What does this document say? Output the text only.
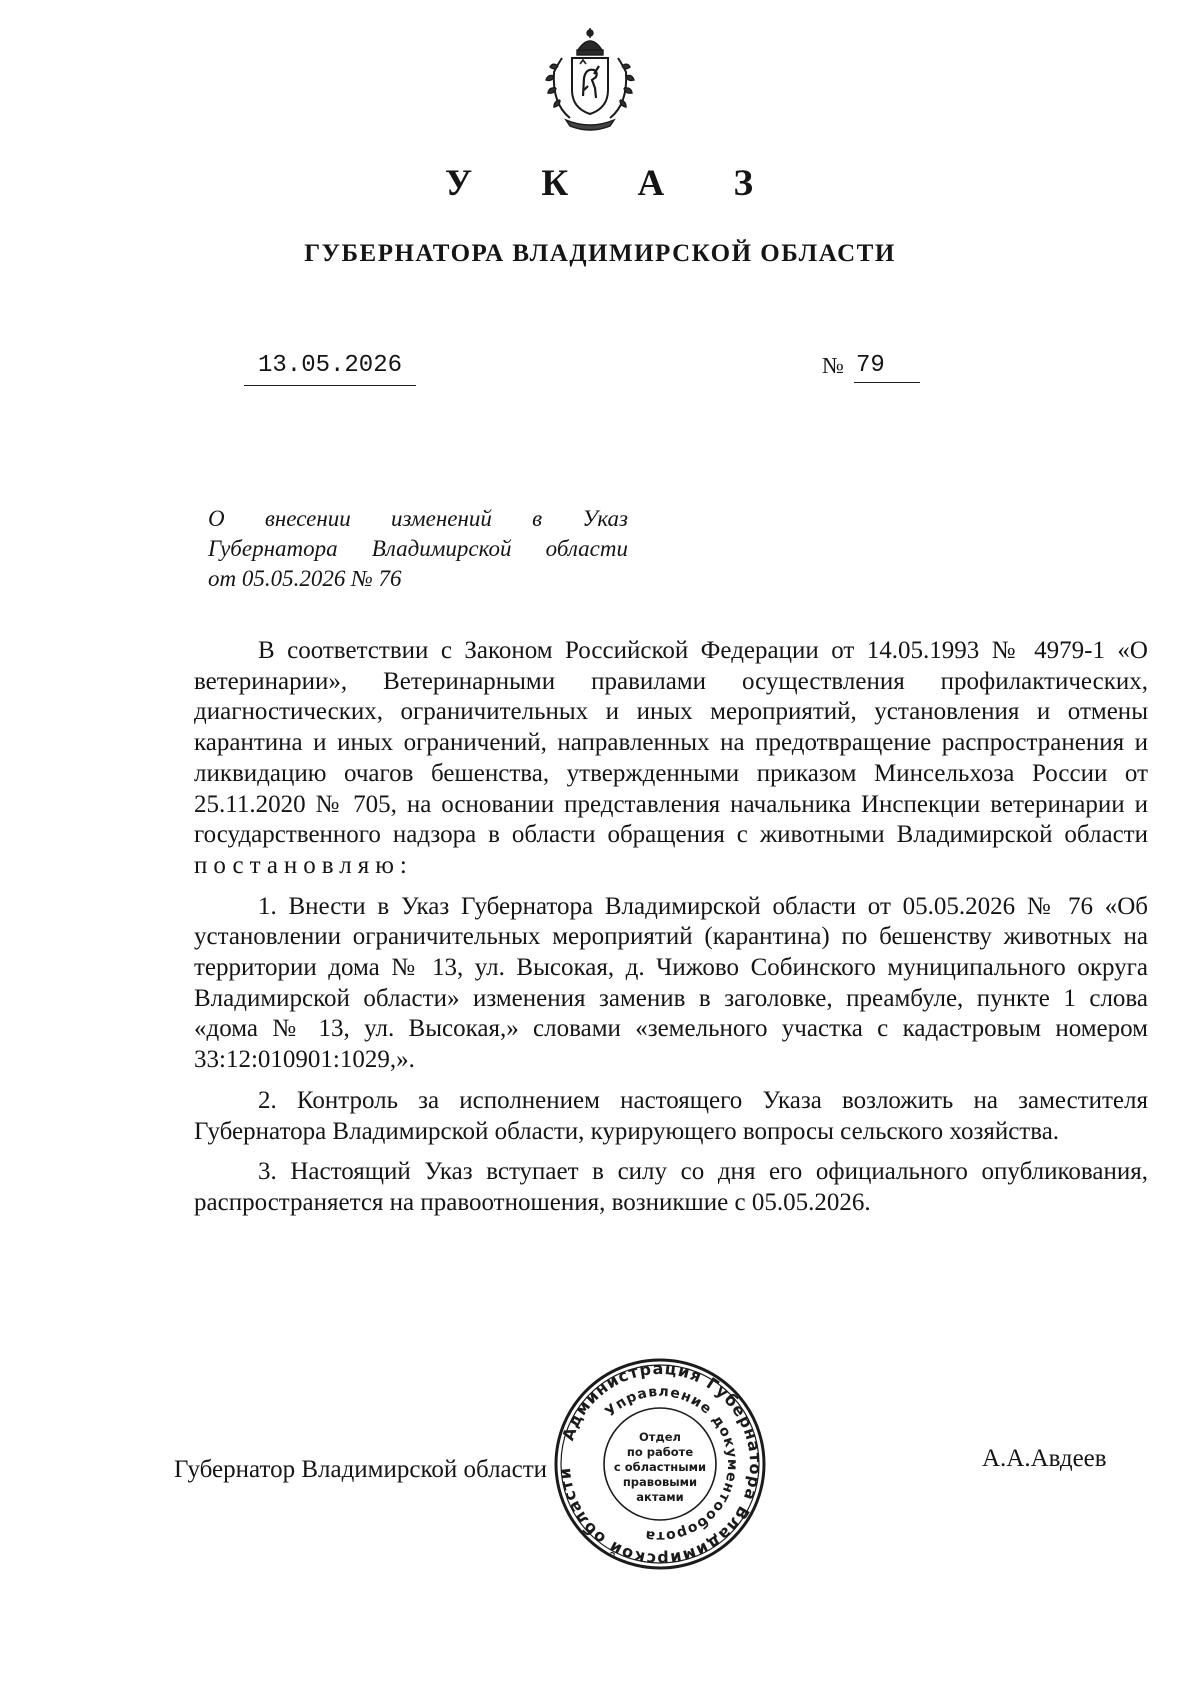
У К А З
ГУБЕРНАТОРА ВЛАДИМИРСКОЙ ОБЛАСТИ
13.05.2026	№ 79
О внесении изменений в Указ
Губернатора Владимирской области
от 05.05.2026 № 76

В соответствии с Законом Российской Федерации от 14.05.1993 № 4979-1 «О ветеринарии», Ветеринарными правилами осуществления профилактических, диагностических, ограничительных и иных мероприятий, установления и отмены карантина и иных ограничений, направленных на предотвращение распространения и ликвидацию очагов бешенства, утвержденными приказом Минсельхоза России от 25.11.2020 № 705, на основании представления начальника Инспекции ветеринарии и государственного надзора в области обращения с животными Владимирской области постановляю:

1. Внести в Указ Губернатора Владимирской области от 05.05.2026 № 76 «Об установлении ограничительных мероприятий (карантина) по бешенству животных на территории дома № 13, ул. Высокая, д. Чижово Собинского муниципального округа Владимирской области» изменения заменив в заголовке, преамбуле, пункте 1 слова «дома № 13, ул. Высокая,» словами «земельного участка с кадастровым номером 33:12:010901:1029,».

2. Контроль за исполнением настоящего Указа возложить на заместителя Губернатора Владимирской области, курирующего вопросы сельского хозяйства.

3. Настоящий Указ вступает в силу со дня его официального опубликования, распространяется на правоотношения, возникшие с 05.05.2026.

Губернатор Владимирской области	А.А.Авдеев
Администрация Губернатора Владимирской области
Управление документооборота
Отдел
по работе
с областными
правовыми
актами
